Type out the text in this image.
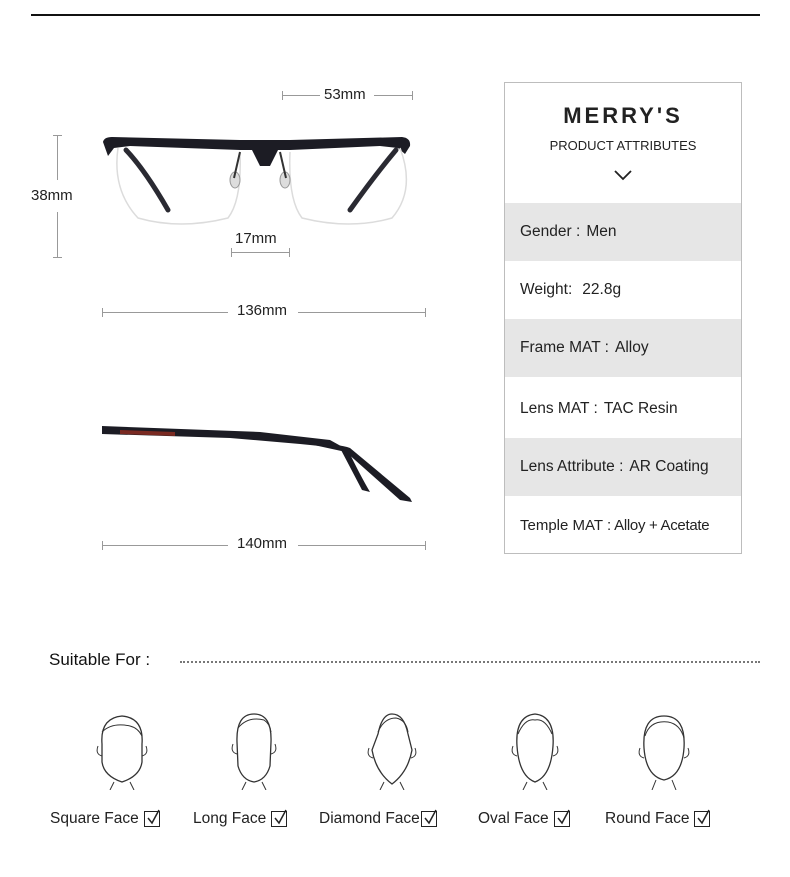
53mm
38mm
17mm
136mm
140mm
MERRY'S
PRODUCT ATTRIBUTES
Gender : Men
Weight: 22.8g
Frame MAT : Alloy
Lens MAT : TAC Resin
Lens Attribute : AR Coating
Temple MAT : Alloy + Acetate
Suitable For :
Square Face	Long Face	Diamond Face	Oval Face	Round Face
